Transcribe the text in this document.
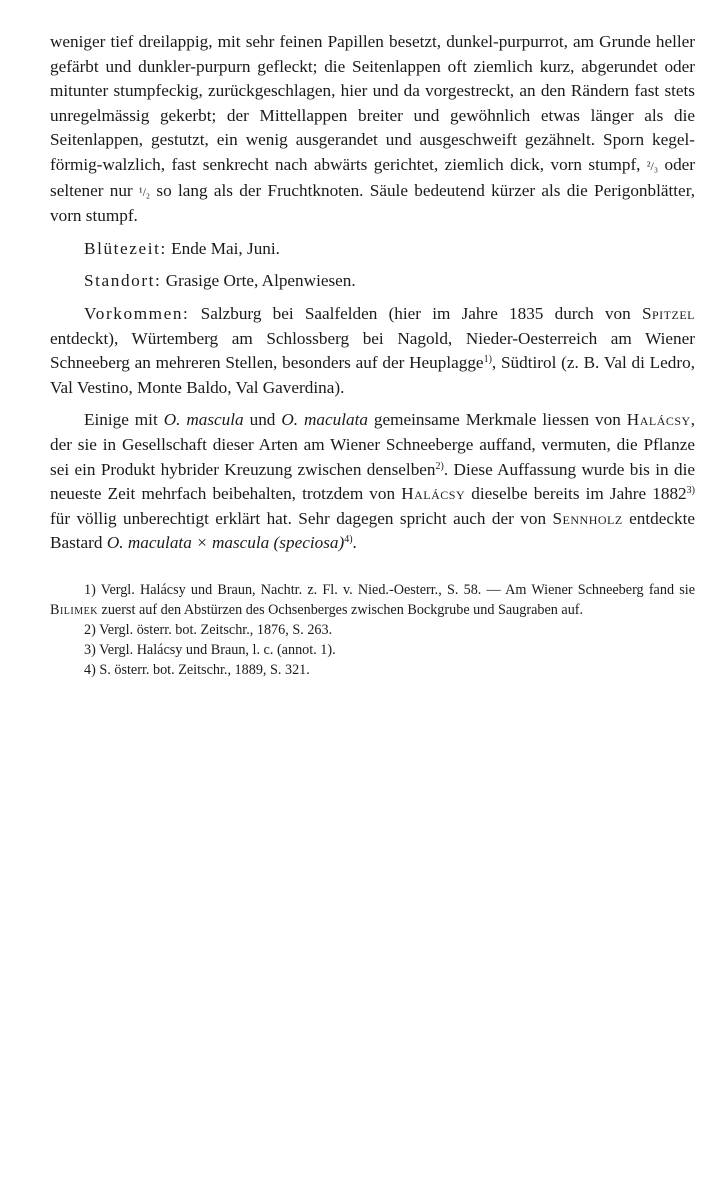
weniger tief dreilappig, mit sehr feinen Papillen besetzt, dunkel-purpurrot, am Grunde heller gefärbt und dunkler-purpurn gefleckt; die Seitenlappen oft ziemlich kurz, abgerundet oder mitunter stumpfeckig, zurückgeschlagen, hier und da vorgestreckt, an den Rändern fast stets unregelmässig gekerbt; der Mittellappen breiter und gewöhnlich etwas länger als die Seitenlappen, gestutzt, ein wenig ausgerandet und ausgeschweift gezähnelt. Sporn kegel-förmig-walzlich, fast senkrecht nach abwärts gerichtet, ziemlich dick, vorn stumpf, ²/₃ oder seltener nur ¹/₂ so lang als der Fruchtknoten. Säule bedeutend kürzer als die Perigonblätter, vorn stumpf.

Blütezeit: Ende Mai, Juni.

Standort: Grasige Orte, Alpenwiesen.

Vorkommen: Salzburg bei Saalfelden (hier im Jahre 1835 durch von Spitzel entdeckt), Würtemberg am Schlossberg bei Nagold, Nieder-Oesterreich am Wiener Schneeberg an mehreren Stellen, besonders auf der Heuplagge$^{1)}$, Südtirol (z. B. Val di Ledro, Val Vestino, Monte Baldo, Val Gaverdina).

Einige mit O. mascula und O. maculata gemeinsame Merkmale liessen von Halácsy, der sie in Gesellschaft dieser Arten am Wiener Schneeberge auffand, vermuten, die Pflanze sei ein Produkt hybrider Kreuzung zwischen denselben$^{2)}$. Diese Auffassung wurde bis in die neueste Zeit mehrfach beibehalten, trotzdem von Halácsy dieselbe bereits im Jahre 1882$^{3)}$ für völlig unberechtigt erklärt hat. Sehr dagegen spricht auch der von Sennholz entdeckte Bastard O. maculata × mascula (speciosa)$^{4)}$.

1) Vergl. Halácsy und Braun, Nachtr. z. Fl. v. Nied.-Oesterr., S. 58. — Am Wiener Schneeberg fand sie Bilimek zuerst auf den Abstürzen des Ochsenberges zwischen Bockgrube und Saugraben auf.

2) Vergl. österr. bot. Zeitschr., 1876, S. 263.

3) Vergl. Halácsy und Braun, l. c. (annot. 1).

4) S. österr. bot. Zeitschr., 1889, S. 321.
